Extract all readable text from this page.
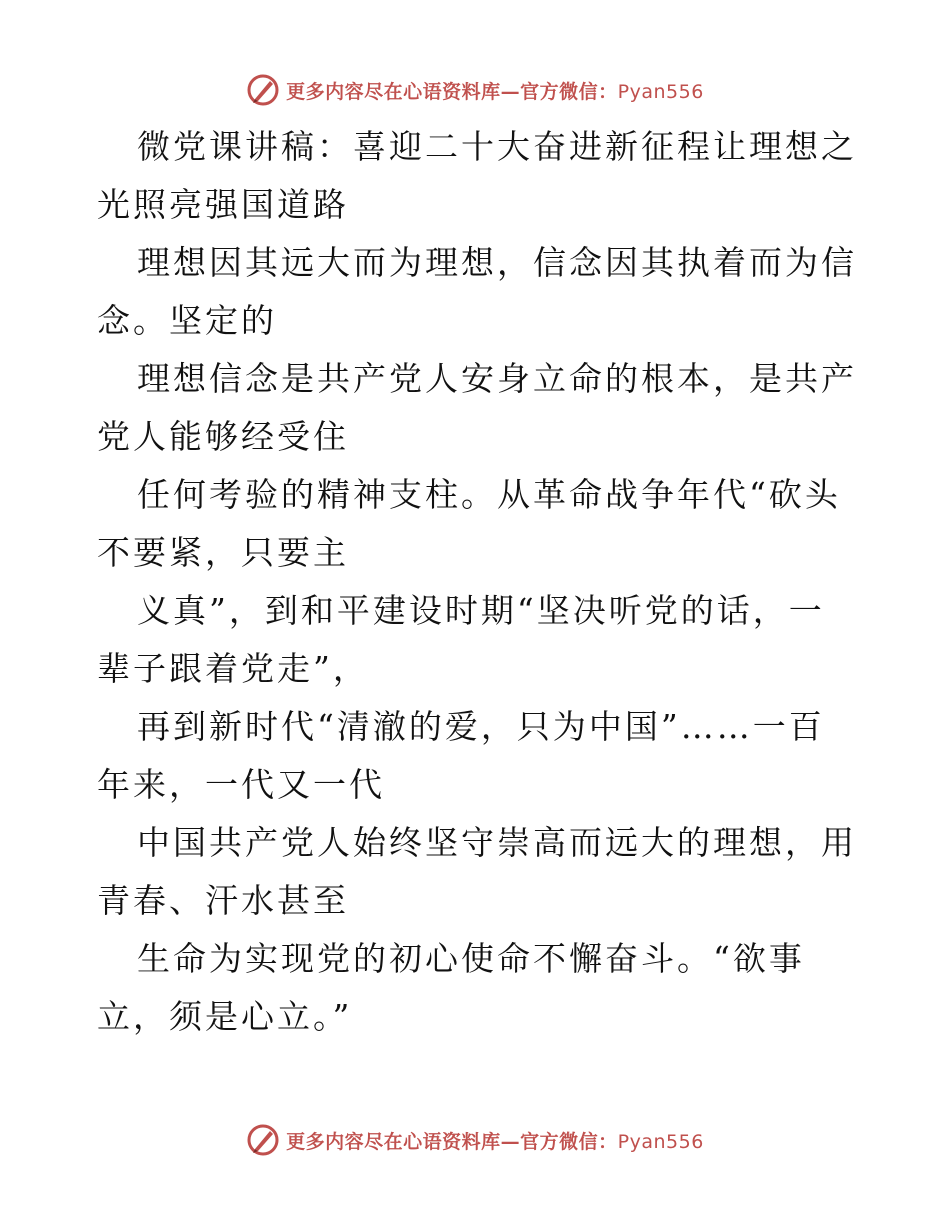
更多内容尽在心语资料库—官方微信：Pyan556

微党课讲稿：喜迎二十大奋进新征程让理想之光照亮强国道路

理想因其远大而为理想，信念因其执着而为信念。坚定的

理想信念是共产党人安身立命的根本，是共产党人能够经受住

任何考验的精神支柱。从革命战争年代“砍头不要紧，只要主

义真”，到和平建设时期“坚决听党的话，一辈子跟着党走”，

再到新时代“清澈的爱，只为中国”……一百年来，一代又一代

中国共产党人始终坚守崇高而远大的理想，用青春、汗水甚至

生命为实现党的初心使命不懈奋斗。“欲事立，须是心立。”

更多内容尽在心语资料库—官方微信：Pyan556
